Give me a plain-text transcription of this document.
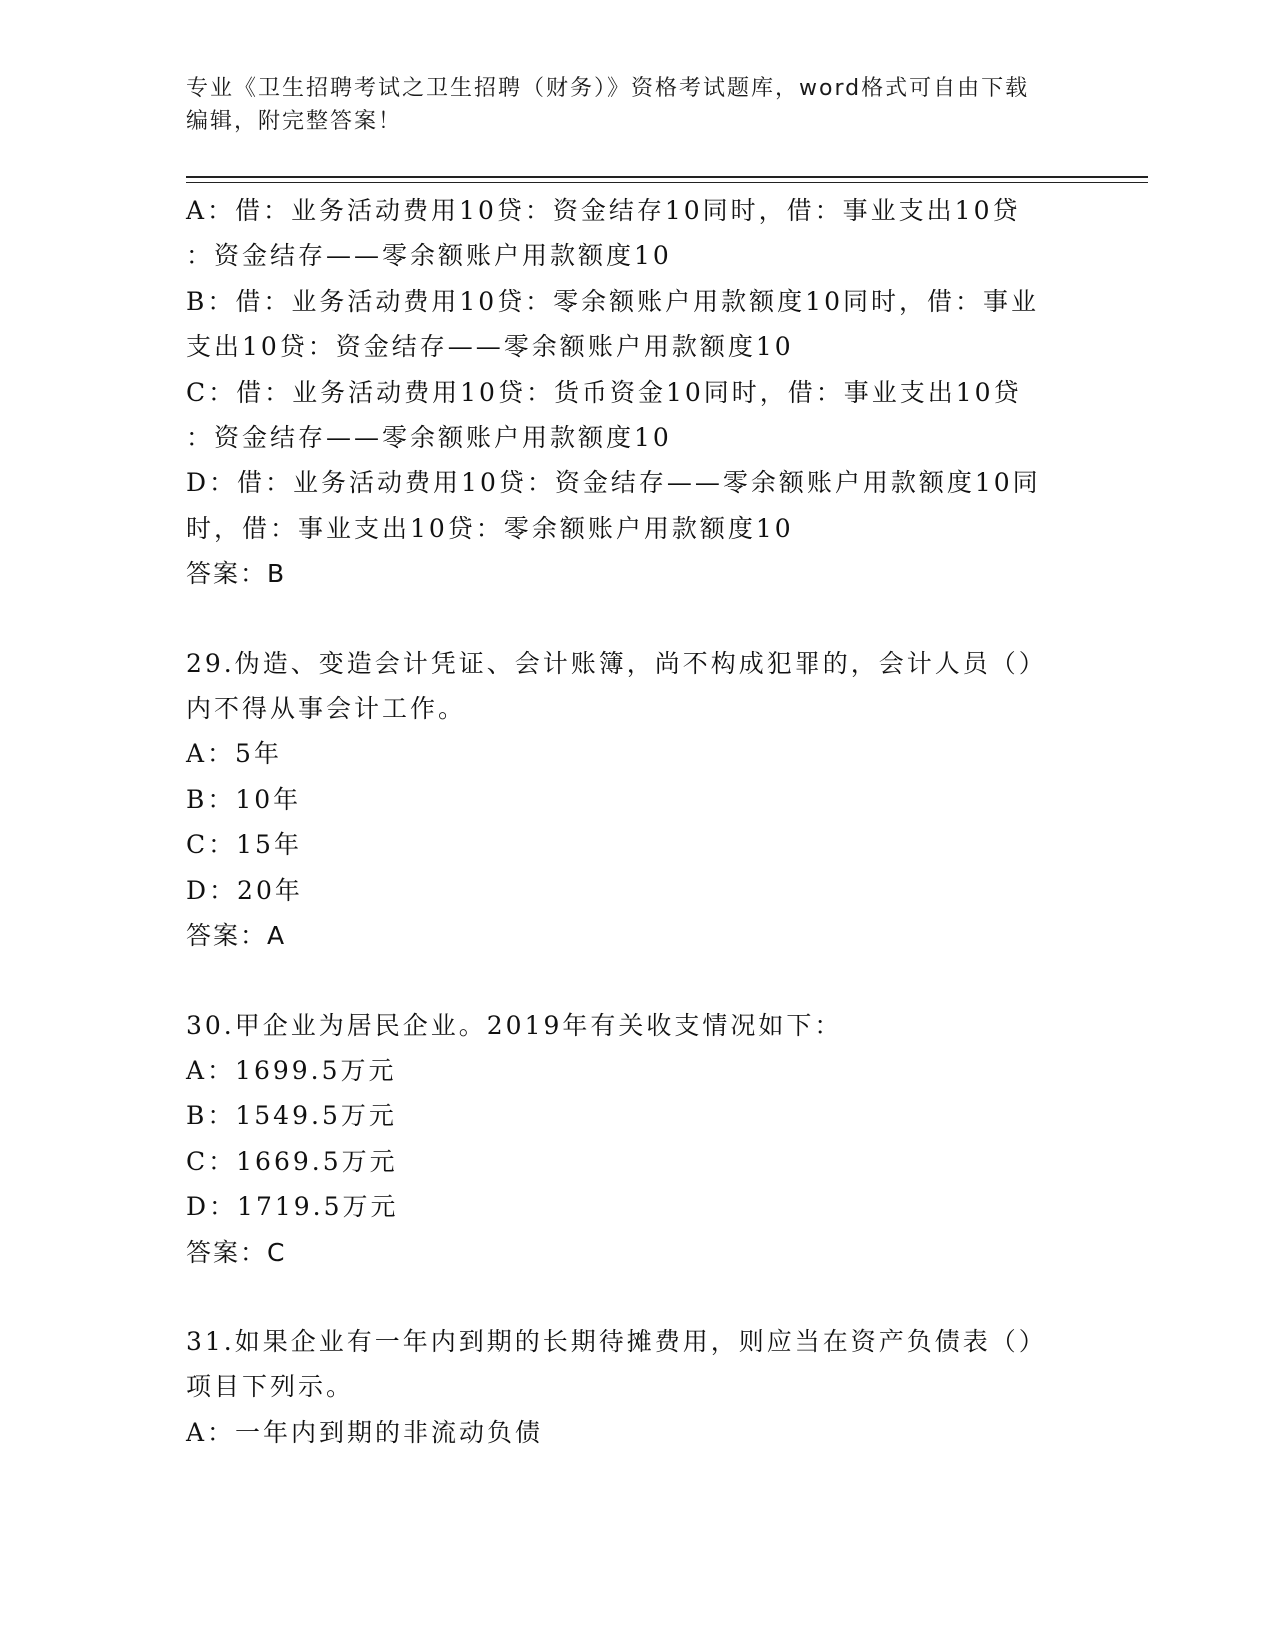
专业《卫生招聘考试之卫生招聘（财务）》资格考试题库，word格式可自由下载
编辑，附完整答案！
A：借：业务活动费用10贷：资金结存10同时，借：事业支出10贷
：资金结存——零余额账户用款额度10
B：借：业务活动费用10贷：零余额账户用款额度10同时，借：事业
支出10贷：资金结存——零余额账户用款额度10
C：借：业务活动费用10贷：货币资金10同时，借：事业支出10贷
：资金结存——零余额账户用款额度10
D：借：业务活动费用10贷：资金结存——零余额账户用款额度10同
时，借：事业支出10贷：零余额账户用款额度10
答案：B
29.伪造、变造会计凭证、会计账簿，尚不构成犯罪的，会计人员（）
内不得从事会计工作。
A：5年
B：10年
C：15年
D：20年
答案：A
30.甲企业为居民企业。2019年有关收支情况如下：
A：1699.5万元
B：1549.5万元
C：1669.5万元
D：1719.5万元
答案：C
31.如果企业有一年内到期的长期待摊费用，则应当在资产负债表（）
项目下列示。
A：一年内到期的非流动负债
